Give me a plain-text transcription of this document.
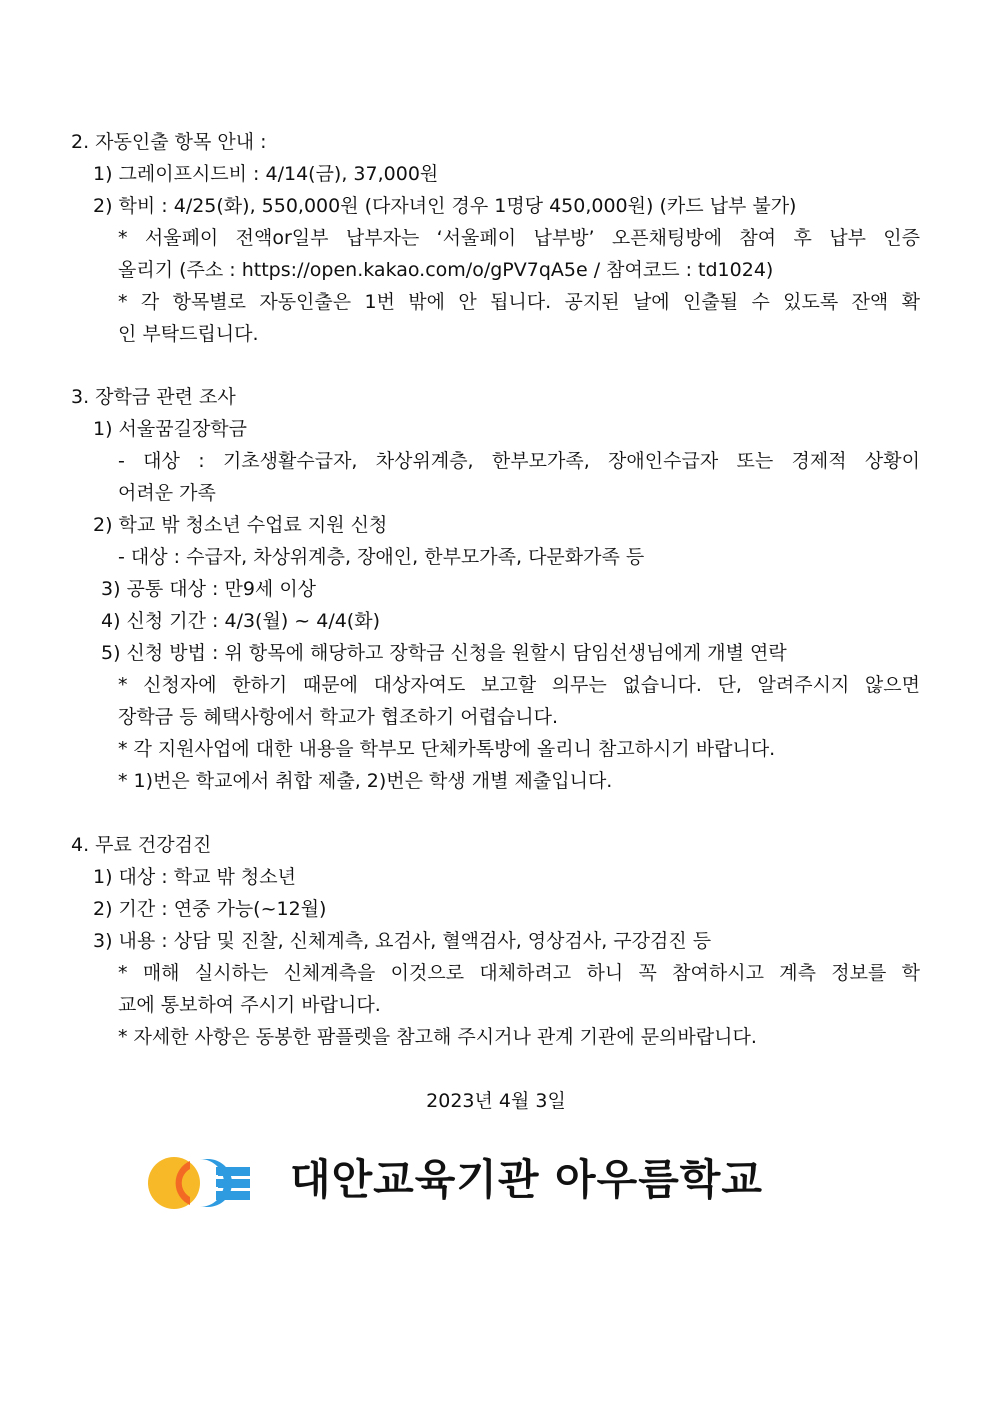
2. 자동인출 항목 안내 :
1) 그레이프시드비 : 4/14(금), 37,000원
2) 학비 : 4/25(화), 550,000원 (다자녀인 경우 1명당 450,000원) (카드 납부 불가)
* 서울페이 전액or일부 납부자는 ‘서울페이 납부방’ 오픈채팅방에 참여 후 납부 인증
올리기 (주소 : https://open.kakao.com/o/gPV7qA5e / 참여코드 : td1024)
* 각 항목별로 자동인출은 1번 밖에 안 됩니다. 공지된 날에 인출될 수 있도록 잔액 확
인 부탁드립니다.
3. 장학금 관련 조사
1) 서울꿈길장학금
- 대상 : 기초생활수급자, 차상위계층, 한부모가족, 장애인수급자 또는 경제적 상황이
어려운 가족
2) 학교 밖 청소년 수업료 지원 신청
- 대상 : 수급자, 차상위계층, 장애인, 한부모가족, 다문화가족 등
3) 공통 대상 : 만9세 이상
4) 신청 기간 : 4/3(월) ~ 4/4(화)
5) 신청 방법 : 위 항목에 해당하고 장학금 신청을 원할시 담임선생님에게 개별 연락
* 신청자에 한하기 때문에 대상자여도 보고할 의무는 없습니다. 단, 알려주시지 않으면
장학금 등 혜택사항에서 학교가 협조하기 어렵습니다.
* 각 지원사업에 대한 내용을 학부모 단체카톡방에 올리니 참고하시기 바랍니다.
* 1)번은 학교에서 취합 제출, 2)번은 학생 개별 제출입니다.
4. 무료 건강검진
1) 대상 : 학교 밖 청소년
2) 기간 : 연중 가능(~12월)
3) 내용 : 상담 및 진찰, 신체계측, 요검사, 혈액검사, 영상검사, 구강검진 등
* 매해 실시하는 신체계측을 이것으로 대체하려고 하니 꼭 참여하시고 계측 정보를 학
교에 통보하여 주시기 바랍니다.
* 자세한 사항은 동봉한 팜플렛을 참고해 주시거나 관계 기관에 문의바랍니다.
2023년 4월 3일
대안교육기관 아우름학교
